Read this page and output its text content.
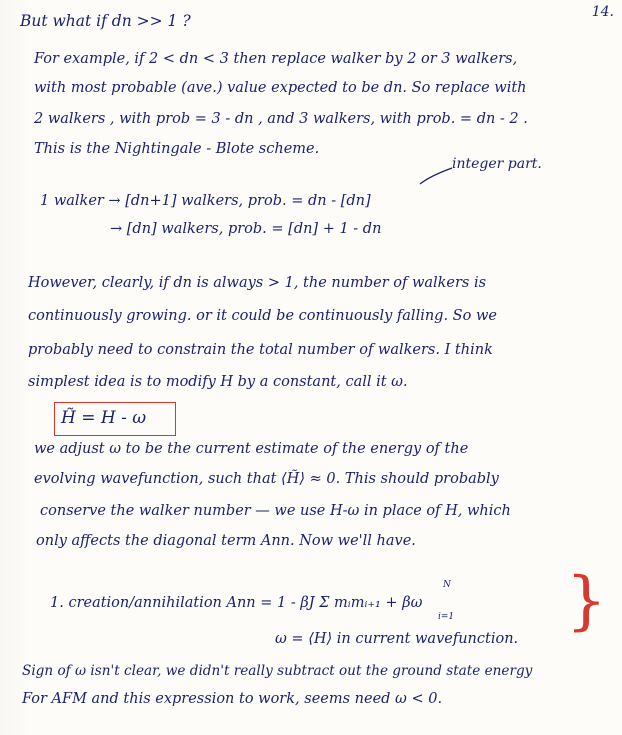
14.
But what if dn >> 1 ?
For example, if 2 < dn < 3 then replace walker by 2 or 3 walkers,
with most probable (ave.) value expected to be dn. So replace with
2 walkers , with prob = 3 - dn , and 3 walkers, with prob. = dn - 2 .
This is the Nightingale - Blote scheme.
integer part.
1 walker → [dn+1] walkers, prob. = dn - [dn]
→ [dn] walkers, prob. = [dn] + 1 - dn
However, clearly, if dn is always > 1, the number of walkers is
continuously growing. or it could be continuously falling. So we
probably need to constrain the total number of walkers. I think
simplest idea is to modify H by a constant, call it ω.
H̃ = H - ω
we adjust ω to be the current estimate of the energy of the
evolving wavefunction, such that ⟨H̃⟩ ≈ 0. This should probably
conserve the walker number — we use H-ω in place of H, which
only affects the diagonal term Ann. Now we'll have.
1. creation/annihilation Ann = 1 - βJ Σ mᵢmᵢ₊₁ + βω
N
i=1
ω = ⟨H⟩ in current wavefunction.
Sign of ω isn't clear, we didn't really subtract out the ground state energy
For AFM and this expression to work, seems need ω < 0.
}
